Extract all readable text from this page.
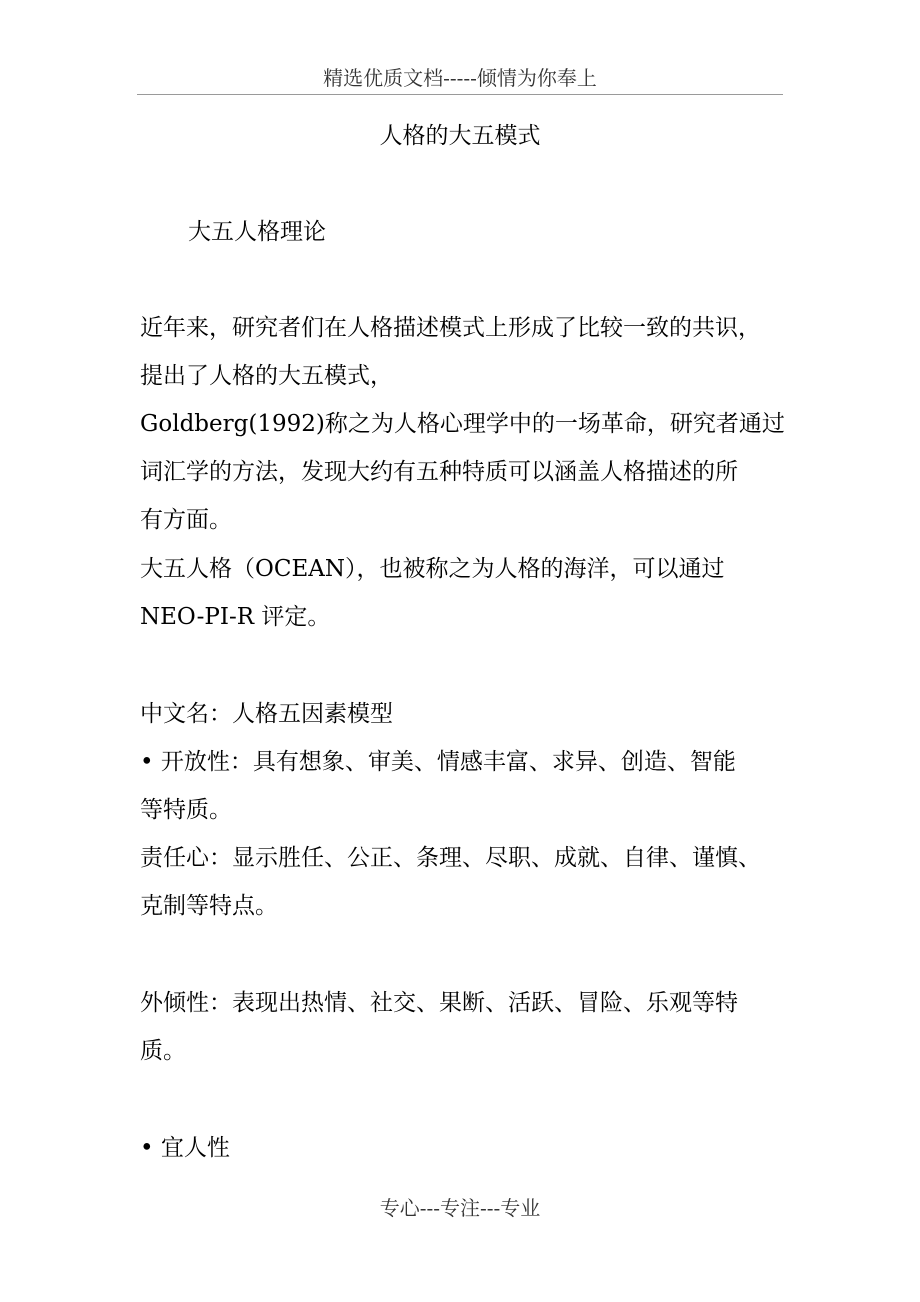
精选优质文档-----倾情为你奉上
人格的大五模式
大五人格理论
近年来，研究者们在人格描述模式上形成了比较一致的共识，
提出了人格的大五模式，
Goldberg(1992)称之为人格心理学中的一场革命，研究者通过
词汇学的方法，发现大约有五种特质可以涵盖人格描述的所
有方面。
大五人格（OCEAN），也被称之为人格的海洋，可以通过
NEO-PI-R 评定。
中文名：人格五因素模型
• 开放性：具有想象、审美、情感丰富、求异、创造、智能
等特质。
责任心：显示胜任、公正、条理、尽职、成就、自律、谨慎、
克制等特点。
外倾性：表现出热情、社交、果断、活跃、冒险、乐观等特
质。
• 宜人性
专心---专注---专业
